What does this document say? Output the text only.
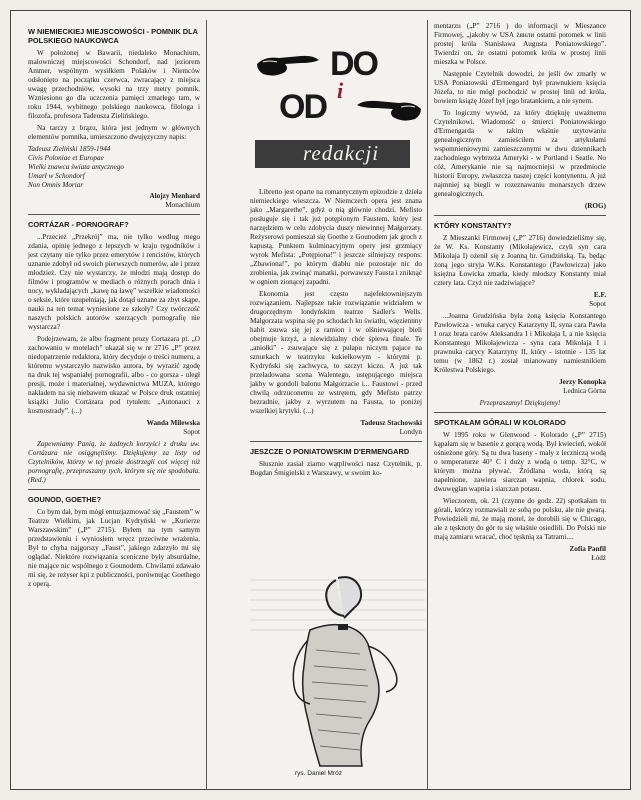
W NIEMIECKIEJ MIEJSCOWOŚCI - POMNIK DLA POLSKIEGO NAUKOWCA

W położonej w Bawarii, niedaleko Monachium, malowniczej miejscowości Schondorf, nad jeziorem Ammer, wspólnym wysiłkiem Polaków i Niemców odsłonięto na początku czerwca, zwracający z miejsca uwagę przechodniów, wysoki na trzy metry pomnik. Wzniesiono go dla uczczenia pamięci zmarłego tam, w roku 1944, wybitnego polskiego naukowca, filologa i filozofa, profesora Tadeusza Zielińskiego.

Na tarczy z brązu, która jest jednym w głównych elementów pomnika, umieszczono dwujęzyczny napis:

Tadeusz Zieliński 1859-1944

Civis Poloniae et Europae

Wielki znawca świata antycznego

Umarł w Schondorf

Non Omnis Moriar

Alojzy Menhard

Monachium

CORTÁZAR - PORNOGRAF?

...Przecież „Przekrój” ma, nie tylko według mego zdania, opinię jednego z lepszych w kraju tygodników i jest czytany nie tylko przez emerytów i rencistów, których uznanie zdobył od swoich pierwszych numerów, ale i przez młodzież. Czy nie wystarczy, że młodzi mają dostęp do filmów i programów w mediach o różnych porach dnia i nocy, wykładających „kawę na ławę” wszelkie wiadomości o seksie, które uzupełniają, jak dotąd uznane za zbyt skąpe, nauki na ten temat wyniesione ze szkoły? Czy twórczość naszych polskich autorów szerzących pornografię nie wystarcza?

Podejrzewam, że albo fragment prozy Cortazara pt. „O zachowaniu w motelach” ukazał się w nr 2716 „P” przez niedopatrzenie redaktora, który decyduje o treści numeru, a któremu wystarczyło nazwisko autora, by wyrazić zgodę na druk tej wspaniałej pornografii, albo - co gorsza - uległ presji, może i materialnej, wydawnictwa MUZA, którego nakładem na się niebawem ukazać w Polsce druk ostatniej książki Julio Cortázara pod tytułem: „Autonauci z kosmostrady”. (...)

Wanda Milewska

Sopot

Zapewniamy Panią, że żadnych korzyści z druku uw. Cortázara nie osiągnęliśmy. Dziękujemy za listy od Czytelników, którzy w tej prozie dostrzegli coś więcej niż pornografię, przepraszamy tych, którym się nie spodobała. (Red.)

GOUNOD, GOETHE?

Co bym dał, bym mógł entuzjazmować się „Faustem” w Teatrze Wielkim, jak Lucjan Kydryński w „Kurierze Warszawskim” („P” 2715). Byłem na tym samym przedstawieniu i wyniosłem wręcz przeciwne wrażenia. Był to chyba najgorszy „Faust”, jakiego zdarzyło mi się oglądać. Niektóre rozwiązania sceniczne były absurdalne, nie mające nic wspólnego z Gounodem. Chwilami zdawało mi się, że reżyser kpi z publiczności, porównując Goethego z operą.

DO
i
OD
redakcji

Libretto jest oparte na romantycznym epizodzie z dzieła niemieckiego wieszcza. W Niemczech opera jest znana jako „Margarethe”, gdyż o nią głównie chodzi. Mefisto posługuje się i tak już potępionym Faustem, który jest narzędziem w celu zdobycia duszy niewinnej Małgorzaty. Reżyserowi pomieszał się Goethe z Gounodem jak groch z kapustą. Punktem kulminacyjnym opery jest grzmiący wyrok Mefista: „Potępiona!” i jeszcze silniejszy respons: „Zbawiona!”, po którym diabłu nie pozostaje nic do zrobienia, jak zwinąć manatki, porwawszy Fausta i zniknąć w ogniem zionącej zapadni.

Ekonomia jest często najefektowniejszym rozwiązaniem. Najlepsze takie rozwiązanie widziałem w drugorzędnym londyńskim teatrze Sadler's Wells. Małgorzata wspina się po schodach ku światłu, więziennny habit zsuwa się jej z ramion i w olśniewającej bieli obejmuje krzyż, a niewidzialny chór śpiewa finale. Te „aniołki” - zsuwające się z pułapu niczym pajace na sznurkach w teatrzyku kukiełkowym - którymi p. Kydryński się zachwyca, to szczyt kiczu. A już tak przeładowana scena Walentego, ustępującego miejsca jakby w gondoli balonu Małgorzacie i... Faustowi - przed chwilą odrzuconemu ze wstrętem, gdy Mefisto patrzy bezradnie, jakby z wyrzutem na Fausta, to poniżej wszelkiej krytyki. (...)

Tadeusz Stachowski

Londyn

JESZCZE O PONIATOWSKIM D'ERMENGARD

Słusznie zasiał ziarno wątpliwości nasz Czytelnik, p. Bogdan Śmigielski z Warszawy, w swoim ko-

rys. Daniel Mróz

mentarzu („P” 2716 ) do informacji w Mieszance Firmowej, „jakoby w USA żянли ostatni potomek w linii prostej króla Stanisława Augusta Poniatowskiego”. Twierdzi on, że ostatni potomek króla w prostej linii mieszka w Polsce.

Następnie Czytelnik dowodzi, że jeśli ów zmarły w USA Poniatowski d'Ermengard był prawnukiem księcia Józefa, to nie mógł pochodzić w prostej linii od króla, bowiem książę Józef był jego bratankiem, a nie synem.

To logiczny wywód, za który dziękuję uważnemu Czytelnikowi. Wiadomość o śmierci Poniatowskiego d'Ermengarda w takim właśnie uzytowaniu genealogicznym zamieściłem za artykułami wspomnieniowymi zamieszczonymi w dwu dziennikach zachodniego wybrzeża Ameryki - w Portland i Seatle. No cóż, Amerykanie nie są najmocniejsi w przedmiocie historii Europy, zwłaszcza naszej części kontynentu. A już najmniej są biegli w rozeznawaniu monarszych drzew genealogicznych.

(ROG)

KTÓRY KONSTANTY?

Z Mieszanki Firmowej („P” 2716) dowiedzieliśmy się, że W. Ks. Konstanty (Mikołajewicz, czyli syn cara Mikołaja I) ożenił się z Joanną hr. Grudzińską. Ta, będąc żoną jego stryja W.Ks. Konstantego (Pawłowicza) jako księżna Łowicka zmarła, kiedy młodszy Konstanty miał cztery lata. Czyż nie zadziwiające?

E.F.

Sopot

...Joanna Grudzińska była żoną księcia Konstantego Pawłowicza - wnuka carycy Katarzyny II, syna cara Pawła I oraz brata carów Aleksandra I i Mikołaja I, a nie księcia Konstantego Mikołajewicza - syna cara Mikołaja I i prawnuka carycy Katarzyny II, który - istotnie - 135 lat temu (w 1862 r.) został mianowany namiestnikiem Królestwa Polskiego.

Jerzy Konopka

Lednica Górna

Przepraszamy! Dziękujemy!

SPOTKAŁAM GÓRALI W KOLORADO

W 1995 roku w Glenwood - Kolorado („P” 2715) kąpałam się w basenie z gorącą wodą. Był kwiecień, wokół ośnieżone góry. Są tu dwa baseny - mały z leczniczą wodą o temperaturze 40° C i duży z wodą o temp. 32°C, w którym można pływać. Źródlana woda, którą są napełnione, zawiera siarczan wapnia, chlorek sodu, dwuwęglan wapnia i siarczan potasu.

Wieczorem, ok. 21 (czynne do godz. 22) spotkałam tu górali, którzy rozmawiali ze sobą po polsku, ale nie gwarą. Powiedzieli mi, że mają motel, że dorobili się w Chicago, ale z tęsknoty do gór tu się właśnie osiedlili. Do Polski nie mają zamiaru wracać, choć tęsknią za Tatrami....

Zofia Panfil

Łódź
